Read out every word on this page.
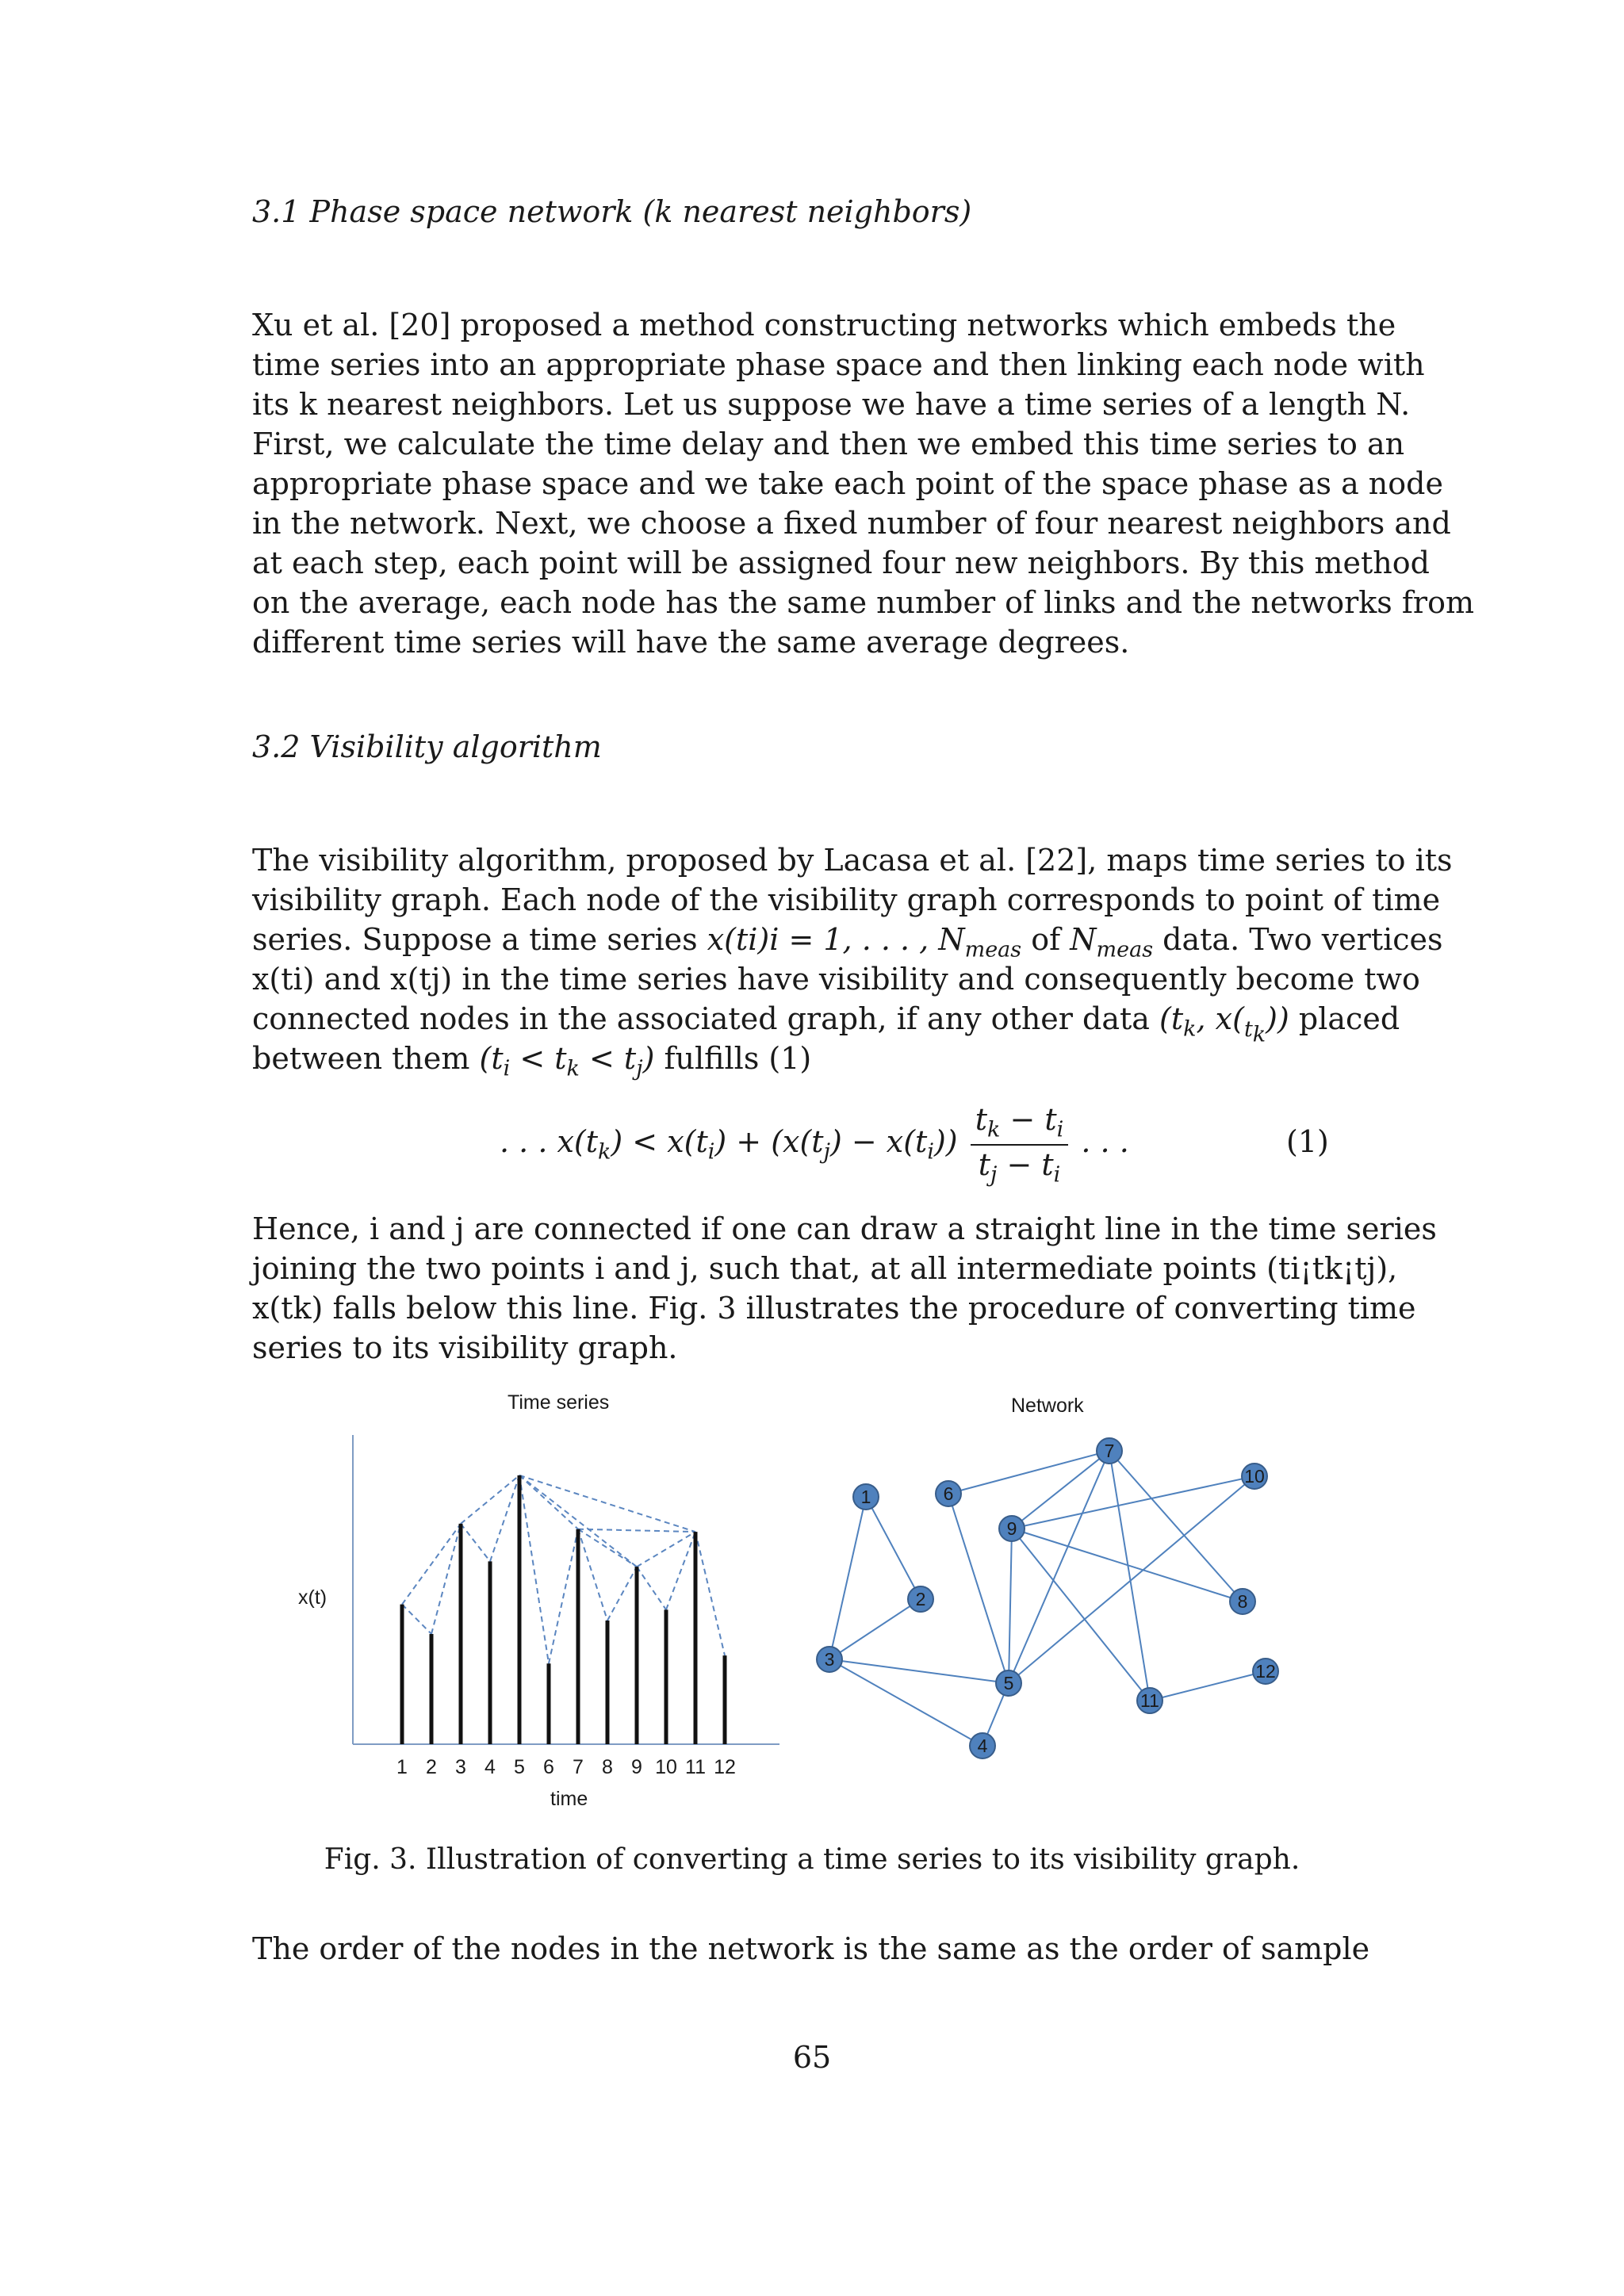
3.1 Phase space network (k nearest neighbors)
Xu et al. [20] proposed a method constructing networks which embeds the
time series into an appropriate phase space and then linking each node with
its k nearest neighbors. Let us suppose we have a time series of a length N.
First, we calculate the time delay and then we embed this time series to an
appropriate phase space and we take each point of the space phase as a node
in the network. Next, we choose a fixed number of four nearest neighbors and
at each step, each point will be assigned four new neighbors. By this method
on the average, each node has the same number of links and the networks from
different time series will have the same average degrees.
3.2 Visibility algorithm
The visibility algorithm, proposed by Lacasa et al. [22], maps time series to its
visibility graph. Each node of the visibility graph corresponds to point of time
series. Suppose a time series x(ti)i = 1, . . . , $N_{meas}$ of $N_{meas}$ data. Two vertices
x(ti) and x(tj) in the time series have visibility and consequently become two
connected nodes in the associated graph, if any other data ($t_k$, $x(_{t_k})$) placed
between them $(t_i < t_k < t_j)$ fulfills (1)
. . . $x(t_k) < x(t_i) + (x(t_j) - x(t_i)) \frac{t_k - t_i}{t_j - t_i}$ . . .	(1)
Hence, i and j are connected if one can draw a straight line in the time series
joining the two points i and j, such that, at all intermediate points (ti¡tk¡tj),
x(tk) falls below this line. Fig. 3 illustrates the procedure of converting time
series to its visibility graph.
Time series
x(t)
time
1 2 3 4 5 6 7 8 9 10 11 12
Network
1
2
3
4
5
6
7
8
9
10
11
12
Fig. 3. Illustration of converting a time series to its visibility graph.
The order of the nodes in the network is the same as the order of sample
65
